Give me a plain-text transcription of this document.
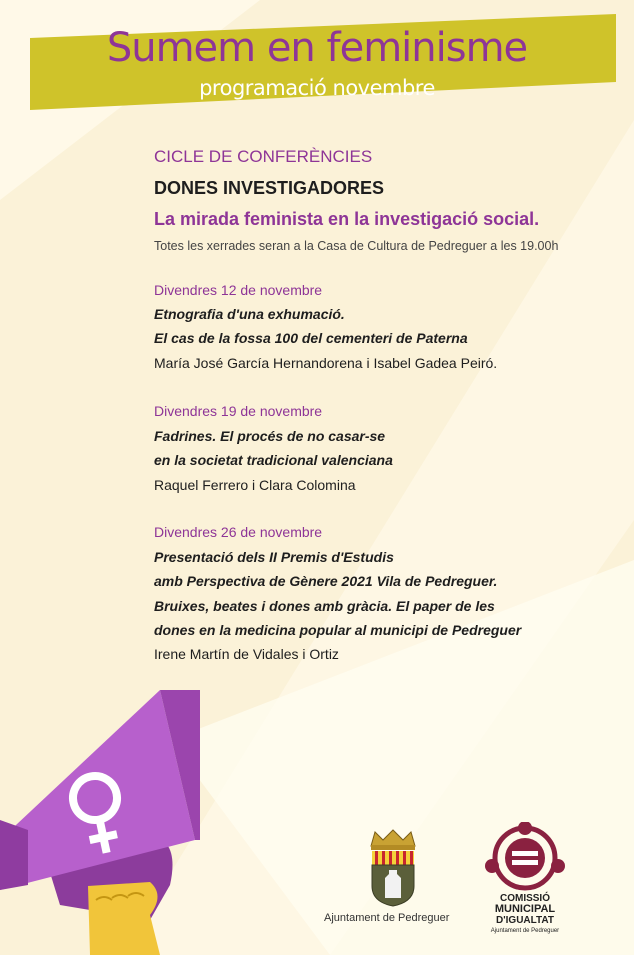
Sumem en feminisme
programació novembre
CICLE DE CONFERÈNCIES
DONES INVESTIGADORES
La mirada feminista en la investigació social.
Totes les xerrades seran a la Casa de Cultura de Pedreguer a les 19.00h
Divendres 12 de novembre
Etnografia d'una exhumació.
El cas de la fossa 100 del cementeri de Paterna
María José García Hernandorena i Isabel Gadea Peiró.
Divendres 19 de novembre
Fadrines. El procés de no casar-se
en la societat tradicional valenciana
Raquel Ferrero i Clara Colomina
Divendres 26 de novembre
Presentació dels II Premis d'Estudis
amb Perspectiva de Gènere 2021 Vila de Pedreguer.
Bruixes, beates i dones amb gràcia. El paper de les
dones en la medicina popular al municipi de Pedreguer
Irene Martín de Vidales i Ortiz
Ajuntament de Pedreguer
COMISSIÓ
MUNICIPAL
D'IGUALTAT
Ajuntament de Pedreguer
